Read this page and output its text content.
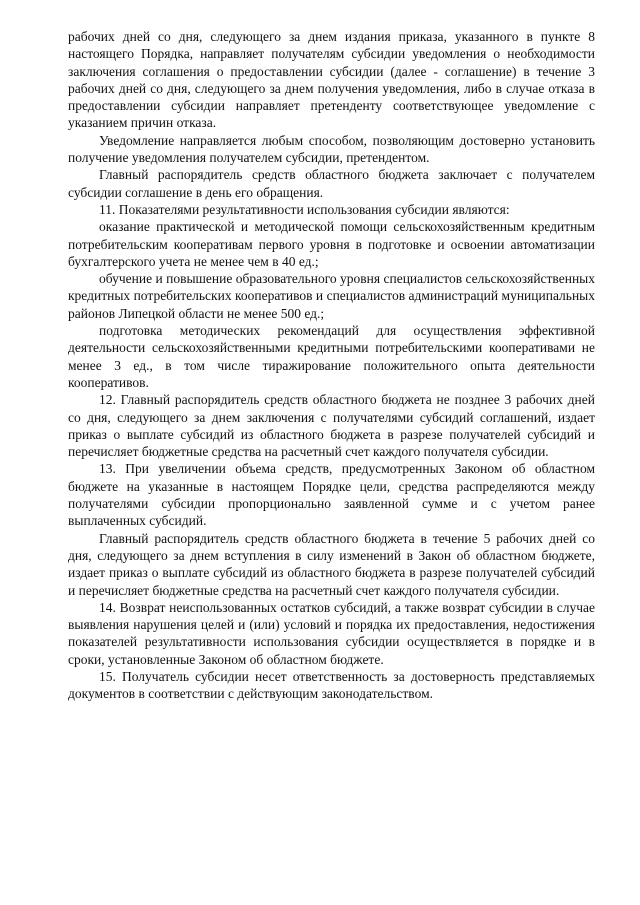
рабочих дней со дня, следующего за днем издания приказа, указанного в пункте 8 настоящего Порядка, направляет получателям субсидии уведомления о необходимости заключения соглашения о предоставлении субсидии (далее - соглашение) в течение 3 рабочих дней со дня, следующего за днем получения уведомления, либо в случае отказа в предоставлении субсидии направляет претенденту соответствующее уведомление с указанием причин отказа.

Уведомление направляется любым способом, позволяющим достоверно установить получение уведомления получателем субсидии, претендентом.

Главный распорядитель средств областного бюджета заключает с получателем субсидии соглашение в день его обращения.

11. Показателями результативности использования субсидии являются:

оказание практической и методической помощи сельскохозяйственным кредитным потребительским кооперативам первого уровня в подготовке и освоении автоматизации бухгалтерского учета не менее чем в 40 ед.;

обучение и повышение образовательного уровня специалистов сельскохозяйственных кредитных потребительских кооперативов и специалистов администраций муниципальных районов Липецкой области не менее 500 ед.;

подготовка методических рекомендаций для осуществления эффективной деятельности сельскохозяйственными кредитными потребительскими кооперативами не менее 3 ед., в том числе тиражирование положительного опыта деятельности кооперативов.

12. Главный распорядитель средств областного бюджета не позднее 3 рабочих дней со дня, следующего за днем заключения с получателями субсидий соглашений, издает приказ о выплате субсидий из областного бюджета в разрезе получателей субсидий и перечисляет бюджетные средства на расчетный счет каждого получателя субсидии.

13. При увеличении объема средств, предусмотренных Законом об областном бюджете на указанные в настоящем Порядке цели, средства распределяются между получателями субсидии пропорционально заявленной сумме и с учетом ранее выплаченных субсидий.

Главный распорядитель средств областного бюджета в течение 5 рабочих дней со дня, следующего за днем вступления в силу изменений в Закон об областном бюджете, издает приказ о выплате субсидий из областного бюджета в разрезе получателей субсидий и перечисляет бюджетные средства на расчетный счет каждого получателя субсидии.

14. Возврат неиспользованных остатков субсидий, а также возврат субсидии в случае выявления нарушения целей и (или) условий и порядка их предоставления, недостижения показателей результативности использования субсидии осуществляется в порядке и в сроки, установленные Законом об областном бюджете.

15. Получатель субсидии несет ответственность за достоверность представляемых документов в соответствии с действующим законодательством.
